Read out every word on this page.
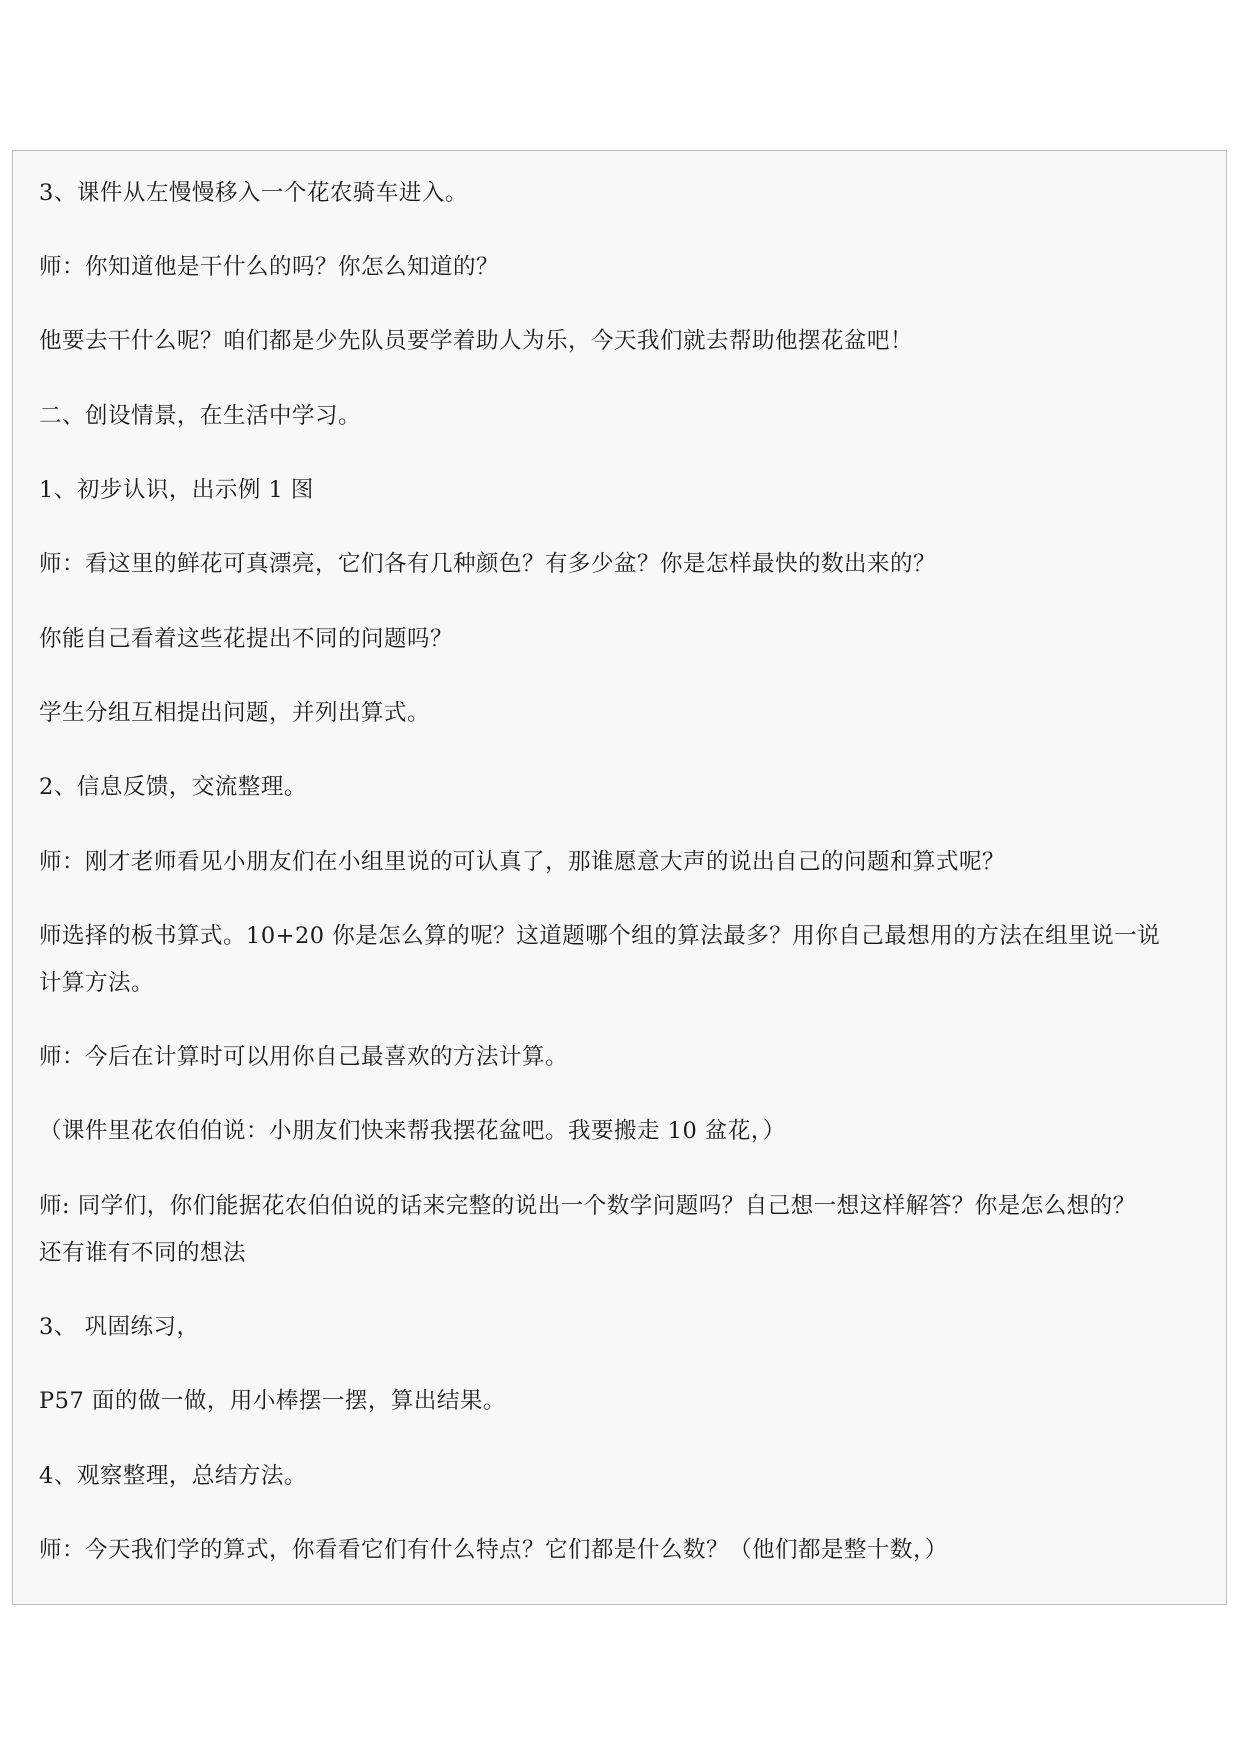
3、课件从左慢慢移入一个花农骑车进入。
师：你知道他是干什么的吗？你怎么知道的？
他要去干什么呢？咱们都是少先队员要学着助人为乐，今天我们就去帮助他摆花盆吧！
二、创设情景，在生活中学习。
1、初步认识，出示例 1 图
师：看这里的鲜花可真漂亮，它们各有几种颜色？有多少盆？你是怎样最快的数出来的？
你能自己看着这些花提出不同的问题吗？
学生分组互相提出问题，并列出算式。
2、信息反馈，交流整理。
师：刚才老师看见小朋友们在小组里说的可认真了，那谁愿意大声的说出自己的问题和算式呢？
师选择的板书算式。10+20 你是怎么算的呢？这道题哪个组的算法最多？用你自己最想用的方法在组里说一说
计算方法。
师：今后在计算时可以用你自己最喜欢的方法计算。
（课件里花农伯伯说：小朋友们快来帮我摆花盆吧。我要搬走 10 盆花，）
师: 同学们，你们能据花农伯伯说的话来完整的说出一个数学问题吗？自己想一想这样解答？你是怎么想的？
还有谁有不同的想法
3、 巩固练习，
P57 面的做一做，用小棒摆一摆，算出结果。
4、观察整理，总结方法。
师：今天我们学的算式，你看看它们有什么特点？它们都是什么数？（他们都是整十数，）
